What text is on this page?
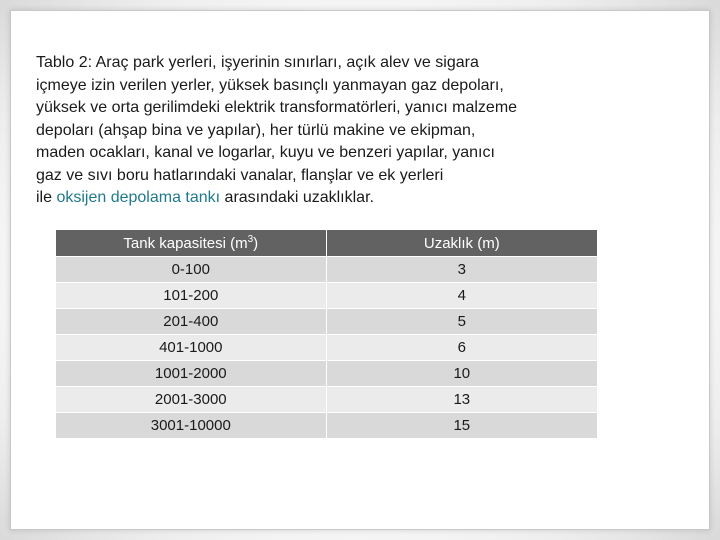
Tablo 2: Araç park yerleri, işyerinin sınırları, açık alev ve sigara
içmeye izin verilen yerler, yüksek basınçlı yanmayan gaz depoları,
yüksek ve orta gerilimdeki elektrik transformatörleri, yanıcı malzeme
depoları (ahşap bina ve yapılar), her türlü makine ve ekipman,
maden ocakları, kanal ve logarlar, kuyu ve benzeri yapılar, yanıcı
gaz ve sıvı boru hatlarındaki vanalar, flanşlar ve ek yerleri
ile oksijen depolama tankı arasındaki uzaklıklar.
Tank kapasitesi $(m^3)$	Uzaklık (m)
0-100	3
101-200	4
201-400	5
401-1000	6
1001-2000	10
2001-3000	13
3001-10000	15
